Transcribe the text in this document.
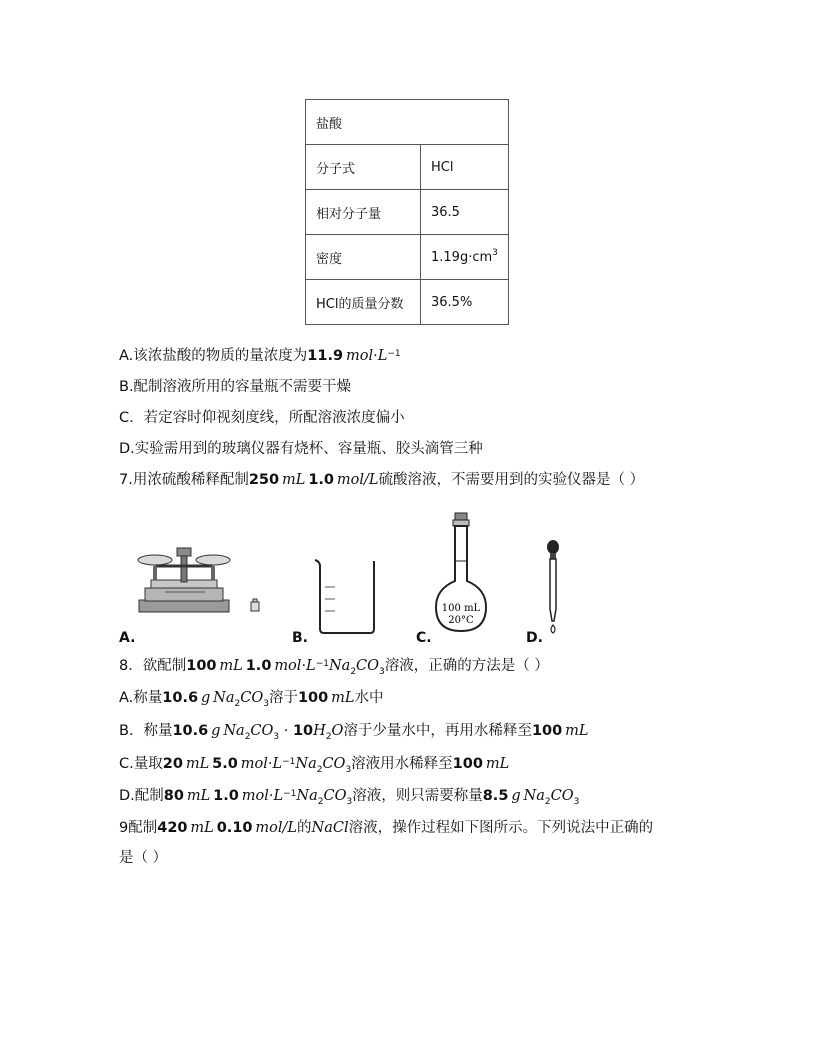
盐酸	
分子式	HCl
相对分子量	36.5
密度	$1.19g\cdot cm^3$
HCl的质量分数	36.5%
A.该浓盐酸的物质的量浓度为11.9  $mol\cdot L^{-1}$
B.配制溶液所用的容量瓶不需要干燥
C．若定容时仰视刻度线，所配溶液浓度偏小
D.实验需用到的玻璃仪器有烧杯、容量瓶、胶头滴管三种
7.用浓硫酸稀释配制250  mL  1.0  mol/L硫酸溶液，不需要用到的实验仪器是（ ）
100 mL
20°C
A.	B.	C.	D.
8．欲配制100  mL  1.0  $mol\cdot L^{-1}Na_2CO_3$溶液，正确的方法是（ ）
A.称量10.6  g  $Na_2CO_3$溶于100  mL水中
B．称量10.6  g  $Na_2CO_3 \cdot 10H_2O$溶于少量水中，再用水稀释至100  mL
C.量取20  mL  5.0  $mol\cdot L^{-1}Na_2CO_3$溶液用水稀释至100  mL
D.配制80  mL  1.0  $mol\cdot L^{-1}Na_2CO_3$溶液，则只需要称量8.5  g  $Na_2CO_3$
9配制420  mL  0.10  mol/L的NaCl溶液，操作过程如下图所示。下列说法中正确的
是（ ）
